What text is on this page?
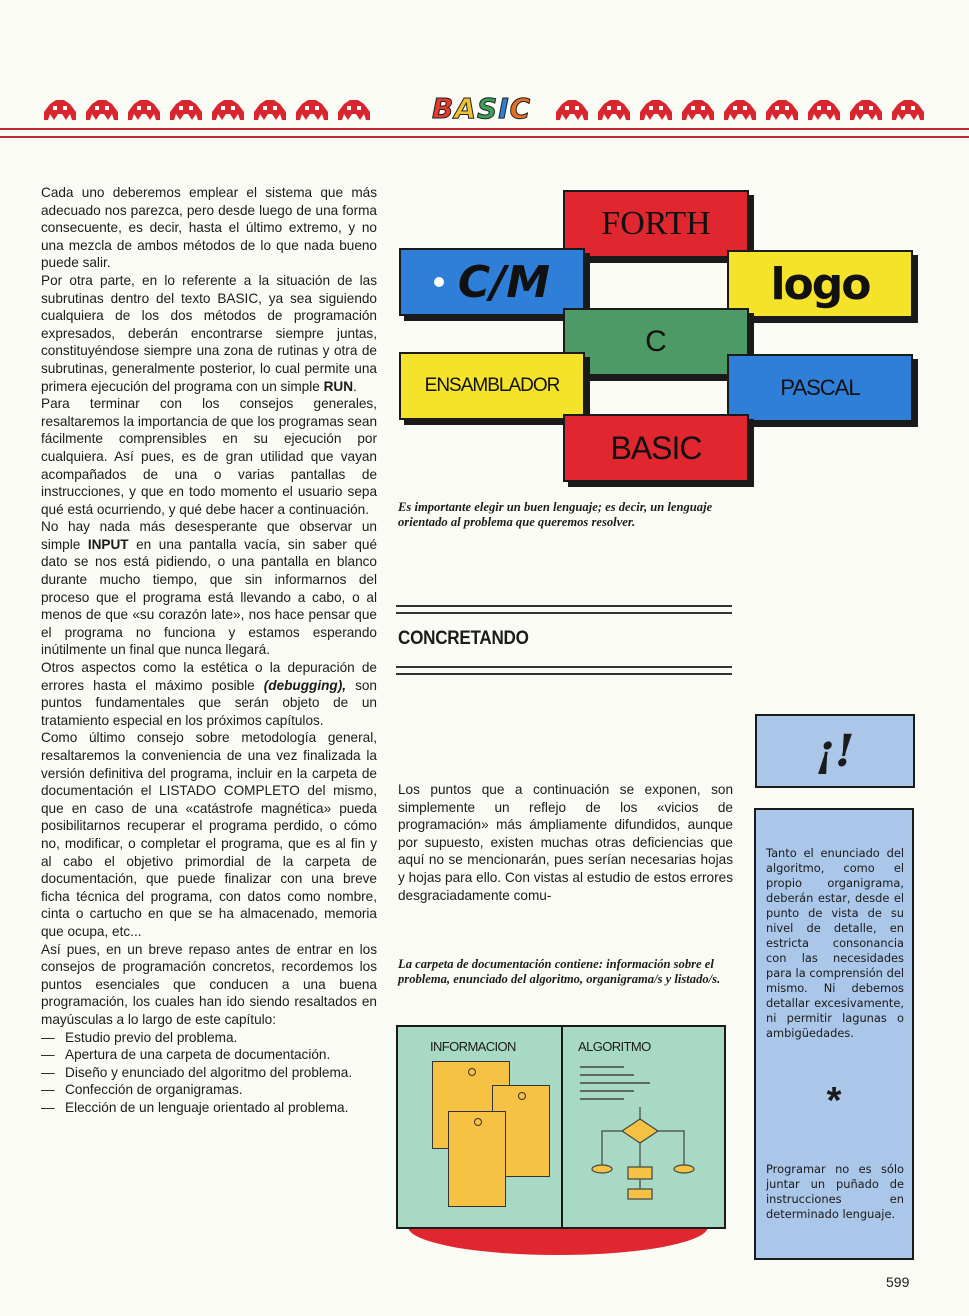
BASIC

Cada uno deberemos emplear el sistema que más adecuado nos parezca, pero desde luego de una forma consecuente, es decir, hasta el último extremo, y no una mezcla de ambos métodos de lo que nada bueno puede salir.

Por otra parte, en lo referente a la situación de las subrutinas dentro del texto BASIC, ya sea siguiendo cualquiera de los dos métodos de programación expresados, deberán encontrarse siempre juntas, constituyéndose siempre una zona de rutinas y otra de subrutinas, generalmente posterior, lo cual permite una primera ejecución del programa con un simple RUN.

Para terminar con los consejos generales, resaltaremos la importancia de que los programas sean fácilmente comprensibles en su ejecución por cualquiera. Así pues, es de gran utilidad que vayan acompañados de una o varias pantallas de instrucciones, y que en todo momento el usuario sepa qué está ocurriendo, y qué debe hacer a continuación.

No hay nada más desesperante que observar un simple INPUT en una pantalla vacía, sin saber qué dato se nos está pidiendo, o una pantalla en blanco durante mucho tiempo, que sin informarnos del proceso que el programa está llevando a cabo, o al menos de que «su corazón late», nos hace pensar que el programa no funciona y estamos esperando inútilmente un final que nunca llegará.

Otros aspectos como la estética o la depuración de errores hasta el máximo posible (debugging), son puntos fundamentales que serán objeto de un tratamiento especial en los próximos capítulos.

Como último consejo sobre metodología general, resaltaremos la conveniencia de una vez finalizada la versión definitiva del programa, incluir en la carpeta de documentación el LISTADO COMPLETO del mismo, que en caso de una «catástrofe magnética» pueda posibilitarnos recuperar el programa perdido, o cómo no, modificar, o completar el programa, que es al fin y al cabo el objetivo primordial de la carpeta de documentación, que puede finalizar con una breve ficha técnica del programa, con datos como nombre, cinta o cartucho en que se ha almacenado, memoria que ocupa, etc...

Así pues, en un breve repaso antes de entrar en los consejos de programación concretos, recordemos los puntos esenciales que conducen a una buena programación, los cuales han ido siendo resaltados en mayúsculas a lo largo de este capítulo:

— Estudio previo del problema.
— Apertura de una carpeta de documentación.
— Diseño y enunciado del algoritmo del problema.
— Confección de organigramas.
— Elección de un lenguaje orientado al problema.
FORTH
C/M	logo
C
ENSAMBLADOR	PASCAL
BASIC
Es importante elegir un buen lenguaje; es decir, un lenguaje orientado al problema que queremos resolver.
CONCRETANDO
Los puntos que a continuación se exponen, son simplemente un reflejo de los «vicios de programación» más ámpliamente difundidos, aunque por supuesto, existen muchas otras deficiencias que aquí no se mencionarán, pues serían necesarias hojas y hojas para ello. Con vistas al estudio de estos errores desgraciadamente comu-
La carpeta de documentación contiene: información sobre el problema, enunciado del algoritmo, organigrama/s y listado/s.
¡!
Tanto el enunciado del algoritmo, como el propio organigrama, deberán estar, desde el punto de vista de su nivel de detalle, en estricta consonancia con las necesidades para la comprensión del mismo. Ni debemos detallar excesivamente, ni permitir lagunas o ambigüedades.
*
Programar no es sólo juntar un puñado de instrucciones en determinado lenguaje.
INFORMACION	ALGORITMO
599
